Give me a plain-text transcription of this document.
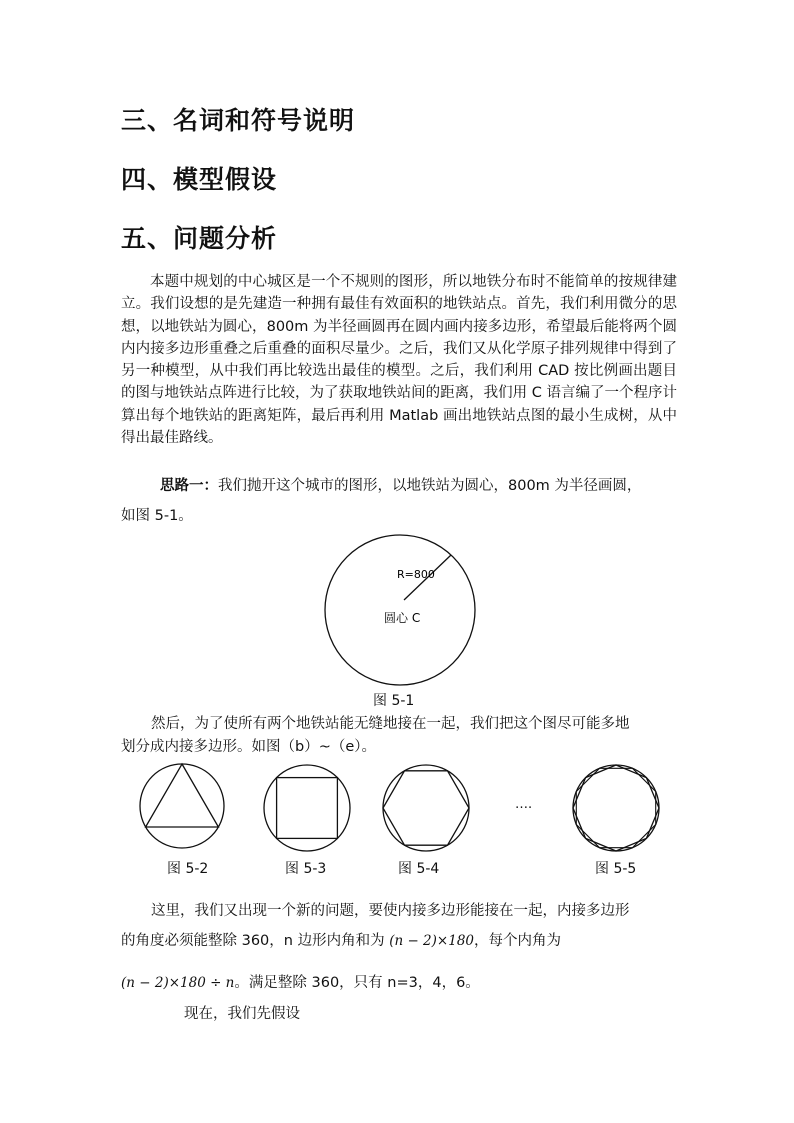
三、名词和符号说明
四、模型假设
五、问题分析
本题中规划的中心城区是一个不规则的图形，所以地铁分布时不能简单的按规律建立。我们设想的是先建造一种拥有最佳有效面积的地铁站点。首先，我们利用微分的思想，以地铁站为圆心，800m 为半径画圆再在圆内画内接多边形，希望最后能将两个圆内内接多边形重叠之后重叠的面积尽量少。之后，我们又从化学原子排列规律中得到了另一种模型，从中我们再比较选出最佳的模型。之后，我们利用 CAD 按比例画出题目的图与地铁站点阵进行比较，为了获取地铁站间的距离，我们用 C 语言编了一个程序计算出每个地铁站的距离矩阵，最后再利用 Matlab 画出地铁站点图的最小生成树，从中得出最佳路线。
思路一：我们抛开这个城市的图形，以地铁站为圆心，800m 为半径画圆，
如图 5-1。
R=800
圆心 C
图 5-1
然后，为了使所有两个地铁站能无缝地接在一起，我们把这个图尽可能多地
划分成内接多边形。如图（b）~（e）。
….
图 5-2	图 5-3	图 5-4	图 5-5
这里，我们又出现一个新的问题，要使内接多边形能接在一起，内接多边形
的角度必须能整除 360，n 边形内角和为 (n − 2)×180，每个内角为
(n − 2)×180 ÷ n。满足整除 360，只有 n=3，4，6。
现在，我们先假设
